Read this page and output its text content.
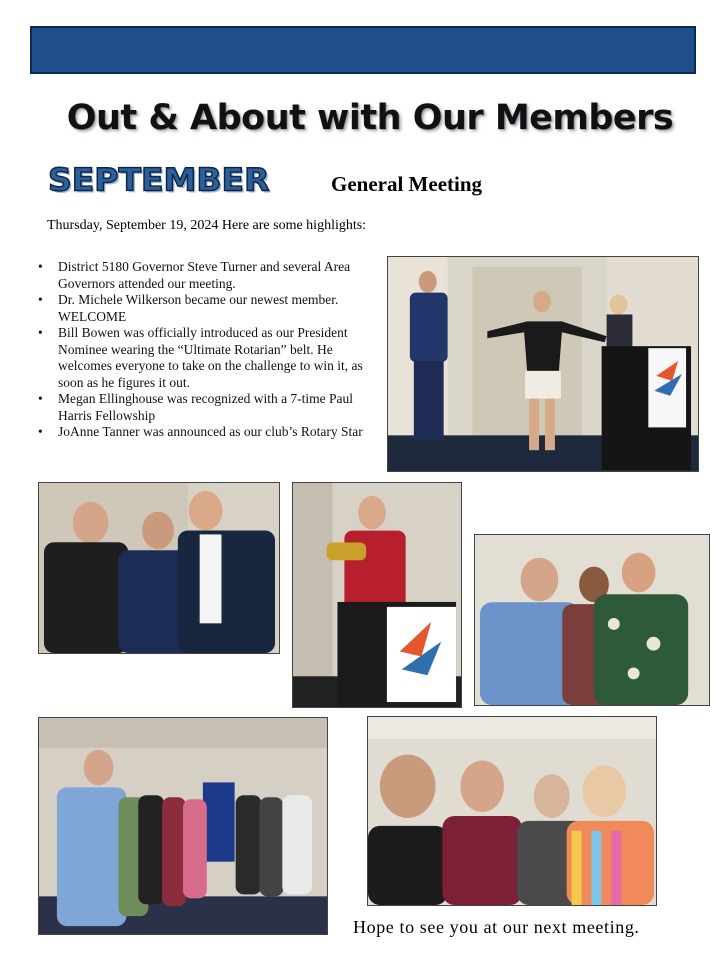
Out & About with Our Members
SEPTEMBER	General Meeting
Thursday, September 19, 2024 Here are some highlights:
• District 5180 Governor Steve Turner and several Area Governors attended our meeting.
• Dr. Michele Wilkerson became our newest member. WELCOME
• Bill Bowen was officially introduced as our President Nominee wearing the “Ultimate Rotarian” belt. He welcomes everyone to take on the challenge to win it, as soon as he figures it out.
• Megan Ellinghouse was recognized with a 7-time Paul Harris Fellowship
• JoAnne Tanner was announced as our club’s Rotary Star
Hope to see you at our next meeting.
